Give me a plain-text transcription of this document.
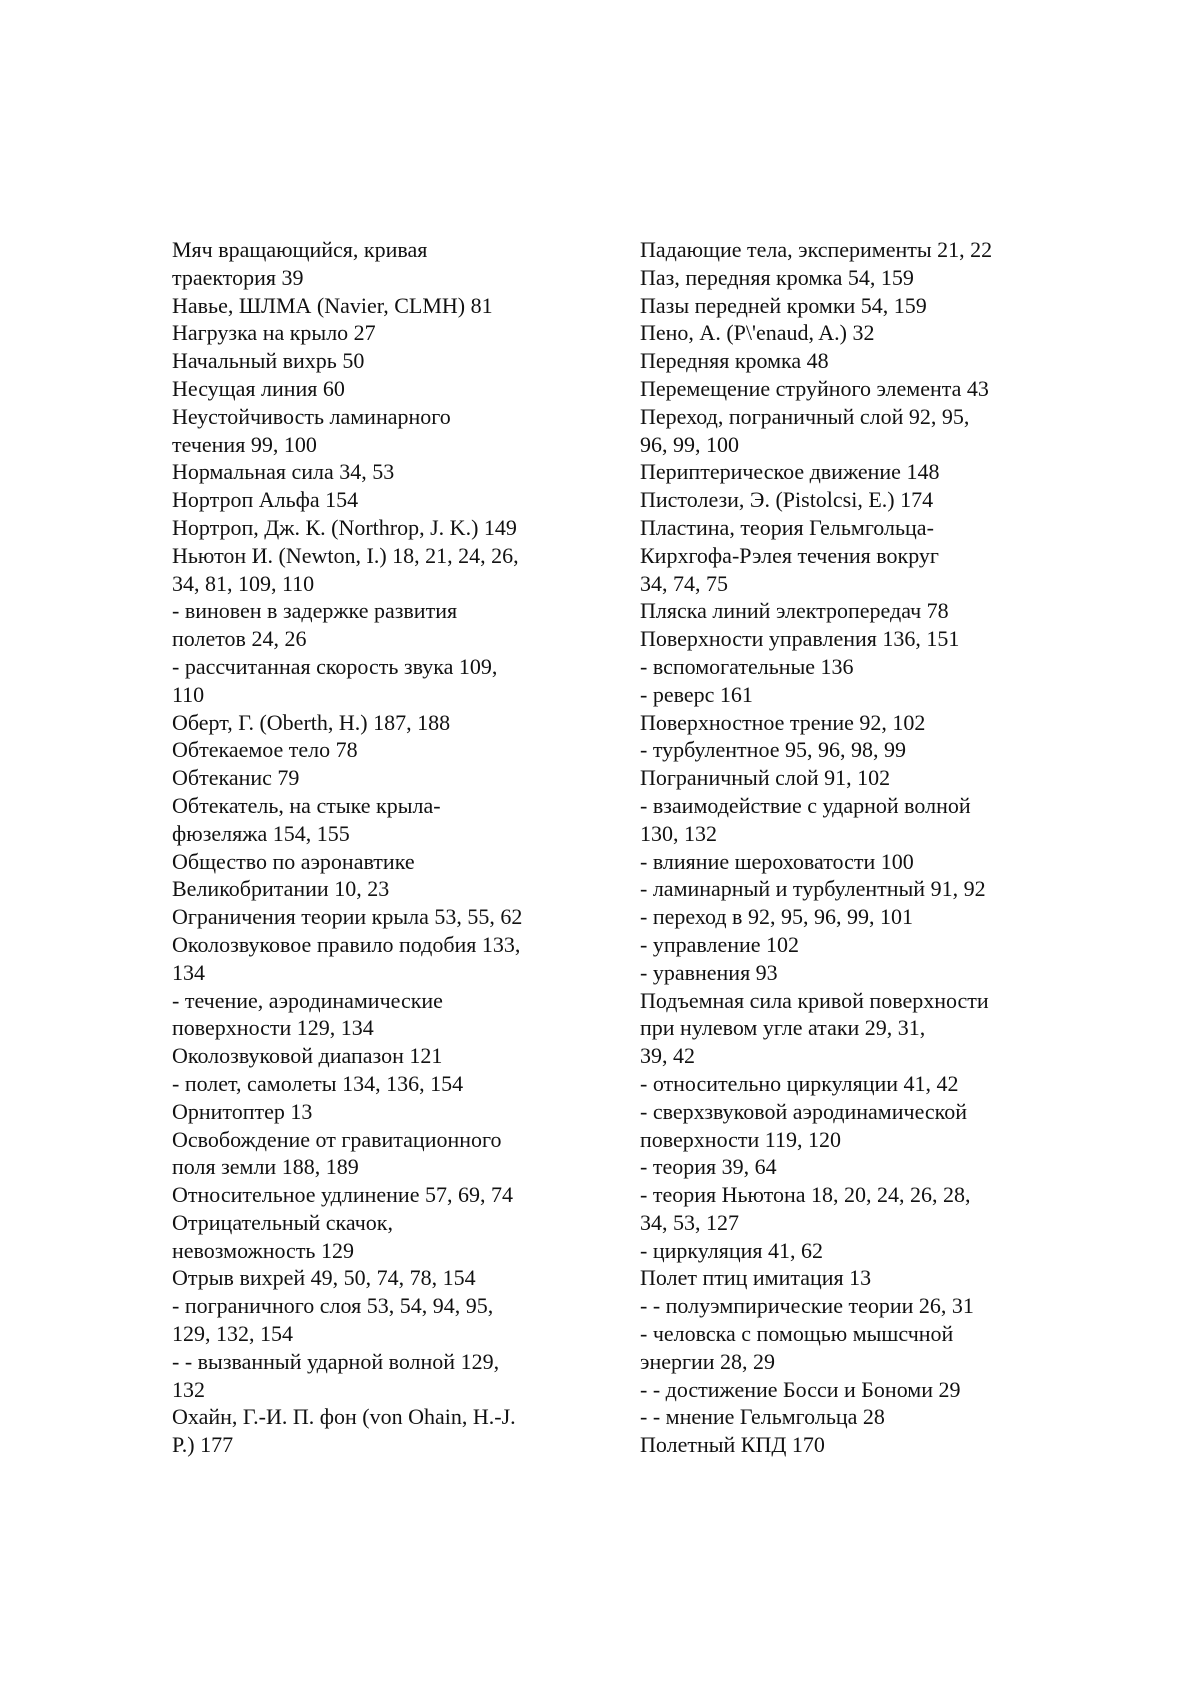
Мяч вращающийся, кривая
траектория 39
Навье, ШЛМА (Navier, CLMH) 81
Нагрузка на крыло 27
Начальный вихрь 50
Несущая линия 60
Неустойчивость ламинарного
течения 99, 100
Нормальная сила 34, 53
Нортроп Альфа 154
Нортроп, Дж. К. (Northrop, J. K.) 149
Ньютон И. (Newton, I.) 18, 21, 24, 26,
34, 81, 109, 110
- виновен в задержке развития
полетов 24, 26
- рассчитанная скорость звука 109,
110
Оберт, Г. (Oberth, H.) 187, 188
Обтекаемое тело 78
Обтеканис 79
Обтекатель, на стыке крыла-
фюзеляжа 154, 155
Общество по аэронавтике
Великобритании 10, 23
Ограничения теории крыла 53, 55, 62
Околозвуковое правило подобия 133,
134
- течение, аэродинамические
поверхности 129, 134
Околозвуковой диапазон 121
- полет, самолеты 134, 136, 154
Орнитоптер 13
Освобождение от гравитационного
поля земли 188, 189
Относительное удлинение 57, 69, 74
Отрицательный скачок,
невозможность 129
Отрыв вихрей 49, 50, 74, 78, 154
- пограничного слоя 53, 54, 94, 95,
129, 132, 154
- - вызванный ударной волной 129,
132
Охайн, Г.-И. П. фон (von Ohain, H.-J.
P.) 177
Падающие тела, эксперименты 21, 22
Паз, передняя кромка 54, 159
Пазы передней кромки 54, 159
Пено, А. (P\'enaud, A.) 32
Передняя кромка 48
Перемещение струйного элемента 43
Переход, пограничный слой 92, 95,
96, 99, 100
Периптерическое движение 148
Пистолези, Э. (Pistolcsi, E.) 174
Пластина, теория Гельмгольца-
Кирхгофа-Рэлея течения вокруг
34, 74, 75
Пляска линий электропередач 78
Поверхности управления 136, 151
- вспомогательные 136
- реверс 161
Поверхностное трение 92, 102
- турбулентное 95, 96, 98, 99
Пограничный слой 91, 102
- взаимодействие с ударной волной
130, 132
- влияние шероховатости 100
- ламинарный и турбулентный 91, 92
- переход в 92, 95, 96, 99, 101
- управление 102
- уравнения 93
Подъемная сила кривой поверхности
при нулевом угле атаки 29, 31,
39, 42
- относительно циркуляции 41, 42
- сверхзвуковой аэродинамической
поверхности 119, 120
- теория 39, 64
- теория Ньютона 18, 20, 24, 26, 28,
34, 53, 127
- циркуляция 41, 62
Полет птиц имитация 13
- - полуэмпирические теории 26, 31
- человска с помощью мышсчной
энергии 28, 29
- - достижение Босси и Бономи 29
- - мнение Гельмгольца 28
Полетный КПД 170
